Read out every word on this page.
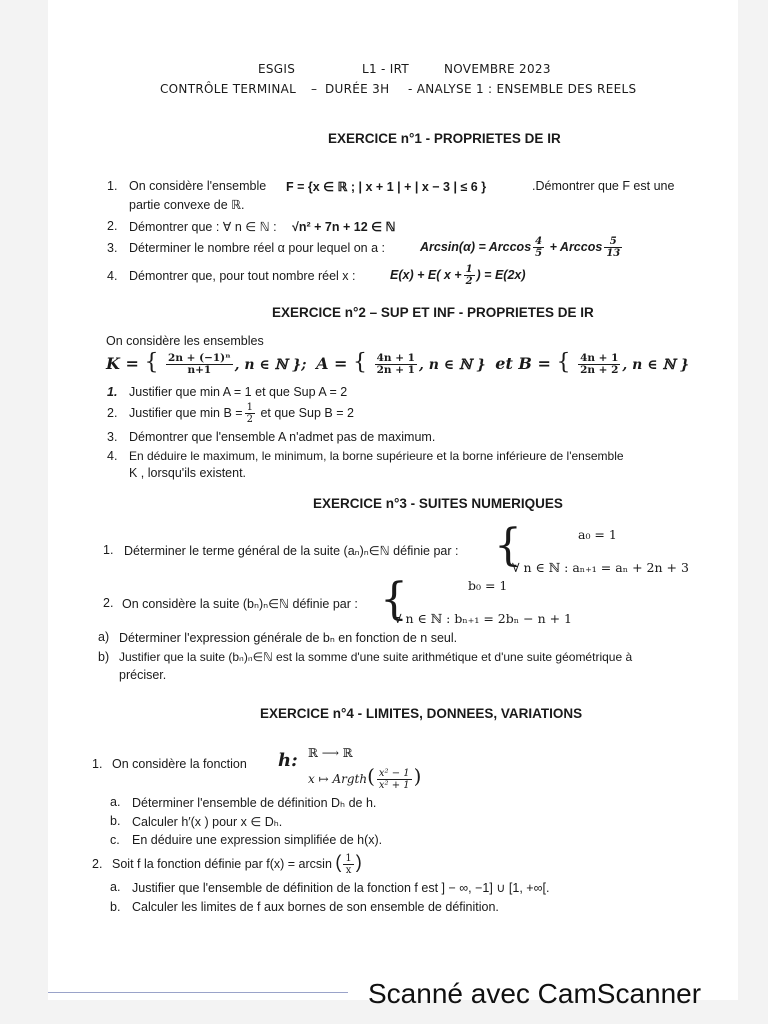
ESGIS	L1 - IRT	NOVEMBRE 2023
CONTRÔLE TERMINAL – DURÉE 3H - ANALYSE 1 : ENSEMBLE DES REELS
EXERCICE n°1 - PROPRIETES DE IR
1. On considère l'ensemble F = {x ∈ ℝ ; | x + 1 | + | x − 3 | ≤ 6 }	.Démontrer que F est une
partie convexe de ℝ.
2. Démontrer que : ∀ n ∈ ℕ : √n² + 7n + 12 ∈ ℕ
3. Déterminer le nombre réel α pour lequel on a :	Arcsin(α) = Arccos $\frac{4}{5} + Arccos \frac{5}{13}$
4. Démontrer que, pour tout nombre réel x :	E(x) + E( $x + \frac{1}{2}$ ) = E(2x)
EXERCICE n°2 – SUP ET INF - PROPRIETES DE IR
On considère les ensembles
K = { $\frac{\text{2n + (−1)ⁿ}}{n+1}$ , n ∈ ℕ }; A = { $\frac{4n + 1}{2n + 1}$ , n ∈ ℕ } et B = { $\frac{4n + 1}{2n + 2}$ , n ∈ ℕ }
1. Justifier que min A = 1 et que Sup A = 2
2. Justifier que $\min B = \frac{1}{2}$ et que Sup B = 2
3. Démontrer que l'ensemble A n'admet pas de maximum.
4. En déduire le maximum, le minimum, la borne supérieure et la borne inférieure de l'ensemble
K , lorsqu'ils existent.
EXERCICE n°3 - SUITES NUMERIQUES
1. Déterminer le terme général de la suite (aₙ)ₙ∈ℕ définie par : {	a₀ = 1
∀ n ∈ ℕ : aₙ₊₁ = aₙ + 2n + 3
2. On considère la suite (bₙ)ₙ∈ℕ définie par : {	b₀ = 1
∀ n ∈ ℕ : bₙ₊₁ = 2bₙ − n + 1
a) Déterminer l'expression générale de bₙ en fonction de n seul.
b) Justifier que la suite (bₙ)ₙ∈ℕ est la somme d'une suite arithmétique et d'une suite géométrique à
préciser.
EXERCICE n°4 - LIMITES, DONNEES, VARIATIONS
1. On considère la fonction h: ℝ ⟶ ℝ
x ↦ Argth( $\frac{\text{x² − 1}}{\text{x² + 1}}$ )
a. Déterminer l'ensemble de définition Dₕ de h.
b. Calculer h′(x ) pour x ∈ Dₕ.
c. En déduire une expression simplifiée de h(x).
2. Soit f la fonction définie par f(x) = arcsin ( $\frac{1}{x}$ )
a. Justifier que l'ensemble de définition de la fonction f est ] − ∞, −1] ∪ [1, +∞[.
b. Calculer les limites de f aux bornes de son ensemble de définition.
Scanné avec CamScanner
